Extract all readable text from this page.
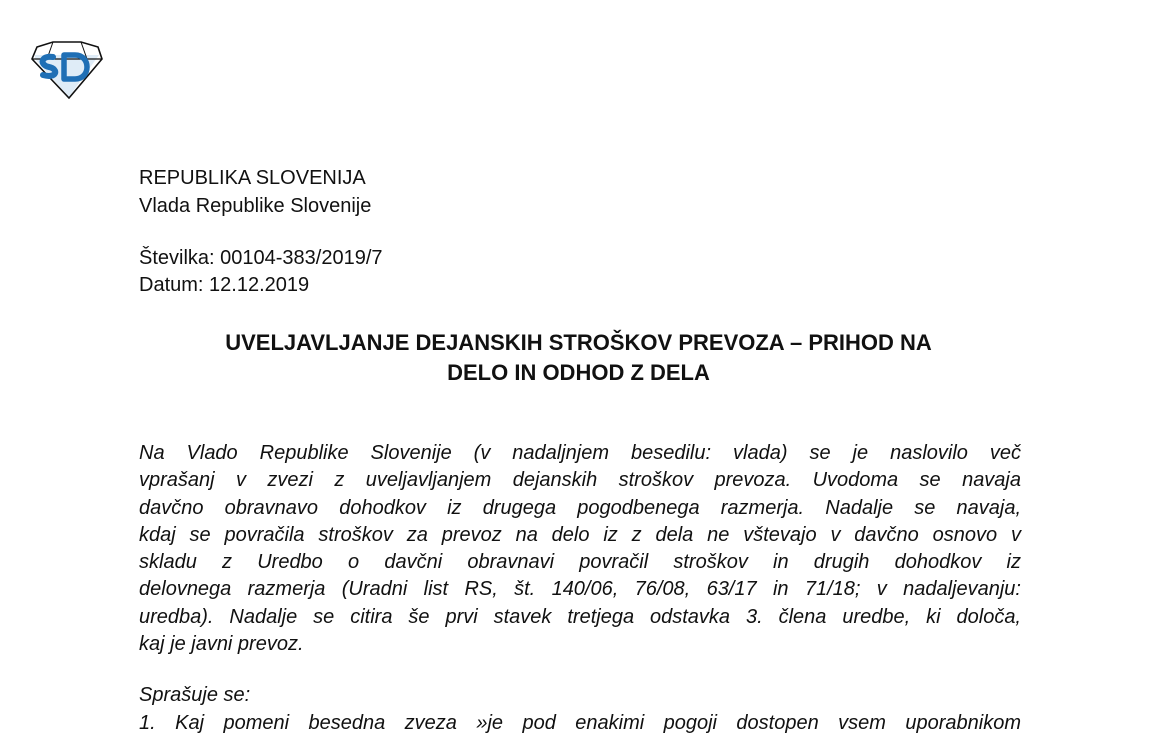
REPUBLIKA SLOVENIJA
Vlada Republike Slovenije
Številka: 00104-383/2019/7
Datum: 12.12.2019
UVELJAVLJANJE DEJANSKIH STROŠKOV PREVOZA – PRIHOD NA
DELO IN ODHOD Z DELA
Na Vlado Republike Slovenije (v nadaljnjem besedilu: vlada) se je naslovilo več
vprašanj v zvezi z uveljavljanjem dejanskih stroškov prevoza. Uvodoma se navaja
davčno obravnavo dohodkov iz drugega pogodbenega razmerja. Nadalje se navaja,
kdaj se povračila stroškov za prevoz na delo iz z dela ne vštevajo v davčno osnovo v
skladu z Uredbo o davčni obravnavi povračil stroškov in drugih dohodkov iz
delovnega razmerja (Uradni list RS, št. 140/06, 76/08, 63/17 in 71/18; v nadaljevanju:
uredba). Nadalje se citira še prvi stavek tretjega odstavka 3. člena uredbe, ki določa,
kaj je javni prevoz.
Sprašuje se:
1. Kaj pomeni besedna zveza »je pod enakimi pogoji dostopen vsem uporabnikom
